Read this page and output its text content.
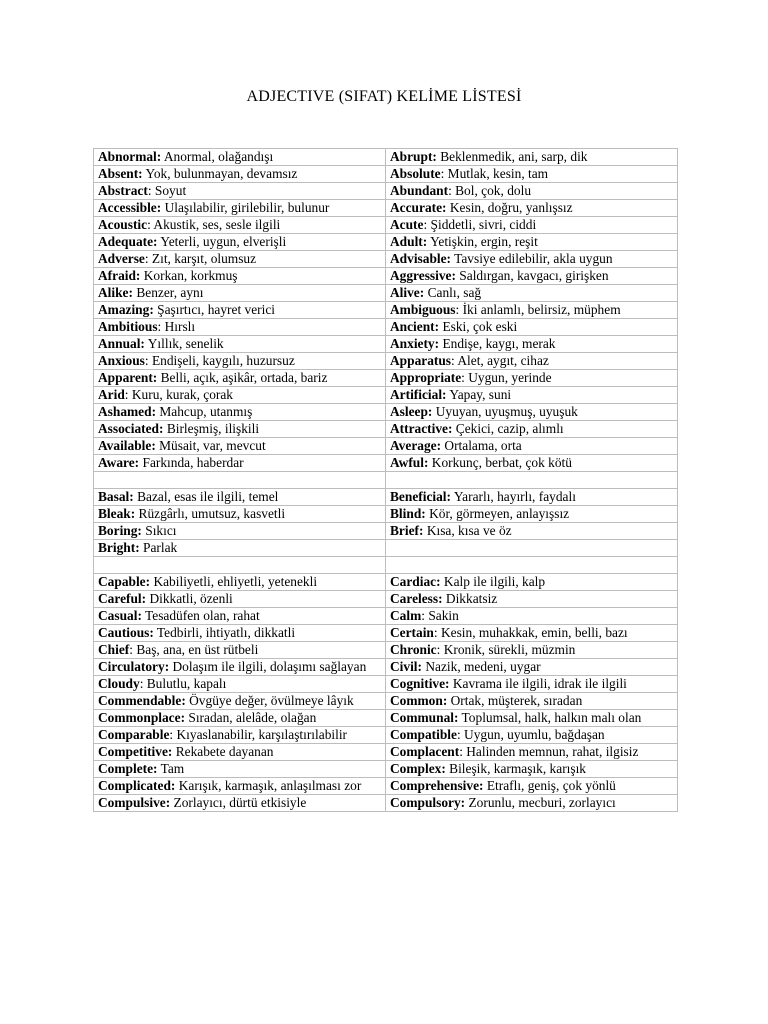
ADJECTIVE (SIFAT) KELİME LİSTESİ
Abnormal: Anormal, olağandışı	Abrupt: Beklenmedik, ani, sarp, dik
Absent: Yok, bulunmayan, devamsız	Absolute: Mutlak, kesin, tam
Abstract: Soyut	Abundant: Bol, çok, dolu
Accessible: Ulaşılabilir, girilebilir, bulunur	Accurate: Kesin, doğru, yanlışsız
Acoustic: Akustik, ses, sesle ilgili	Acute: Şiddetli, sivri, ciddi
Adequate: Yeterli, uygun, elverişli	Adult: Yetişkin, ergin, reşit
Adverse: Zıt, karşıt, olumsuz	Advisable: Tavsiye edilebilir, akla uygun
Afraid: Korkan, korkmuş	Aggressive: Saldırgan, kavgacı, girişken
Alike: Benzer, aynı	Alive: Canlı, sağ
Amazing: Şaşırtıcı, hayret verici	Ambiguous: İki anlamlı, belirsiz, müphem
Ambitious: Hırslı	Ancient: Eski, çok eski
Annual: Yıllık, senelik	Anxiety: Endişe, kaygı, merak
Anxious: Endişeli, kaygılı, huzursuz	Apparatus: Alet, aygıt, cihaz
Apparent: Belli, açık, aşikâr, ortada, bariz	Appropriate: Uygun, yerinde
Arid: Kuru, kurak, çorak	Artificial: Yapay, suni
Ashamed: Mahcup, utanmış	Asleep: Uyuyan, uyuşmuş, uyuşuk
Associated: Birleşmiş, ilişkili	Attractive: Çekici, cazip, alımlı
Available: Müsait, var, mevcut	Average: Ortalama, orta
Aware: Farkında, haberdar	Awful: Korkunç, berbat, çok kötü

Basal: Bazal, esas ile ilgili, temel	Beneficial: Yararlı, hayırlı, faydalı
Bleak: Rüzgârlı, umutsuz, kasvetli	Blind: Kör, görmeyen, anlayışsız
Boring: Sıkıcı	Brief: Kısa, kısa ve öz
Bright: Parlak	

Capable: Kabiliyetli, ehliyetli, yetenekli	Cardiac: Kalp ile ilgili, kalp
Careful: Dikkatli, özenli	Careless: Dikkatsiz
Casual: Tesadüfen olan, rahat	Calm: Sakin
Cautious: Tedbirli, ihtiyatlı, dikkatli	Certain: Kesin, muhakkak, emin, belli, bazı
Chief: Baş, ana, en üst rütbeli	Chronic: Kronik, sürekli, müzmin
Circulatory: Dolaşım ile ilgili, dolaşımı sağlayan	Civil: Nazik, medeni, uygar
Cloudy: Bulutlu, kapalı	Cognitive: Kavrama ile ilgili, idrak ile ilgili
Commendable: Övgüye değer, övülmeye lâyık	Common: Ortak, müşterek, sıradan
Commonplace: Sıradan, alelâde, olağan	Communal: Toplumsal, halk, halkın malı olan
Comparable: Kıyaslanabilir, karşılaştırılabilir	Compatible: Uygun, uyumlu, bağdaşan
Competitive: Rekabete dayanan	Complacent: Halinden memnun, rahat, ilgisiz
Complete: Tam	Complex: Bileşik, karmaşık, karışık
Complicated: Karışık, karmaşık, anlaşılması zor	Comprehensive: Etraflı, geniş, çok yönlü
Compulsive: Zorlayıcı, dürtü etkisiyle	Compulsory: Zorunlu, mecburi, zorlayıcı
